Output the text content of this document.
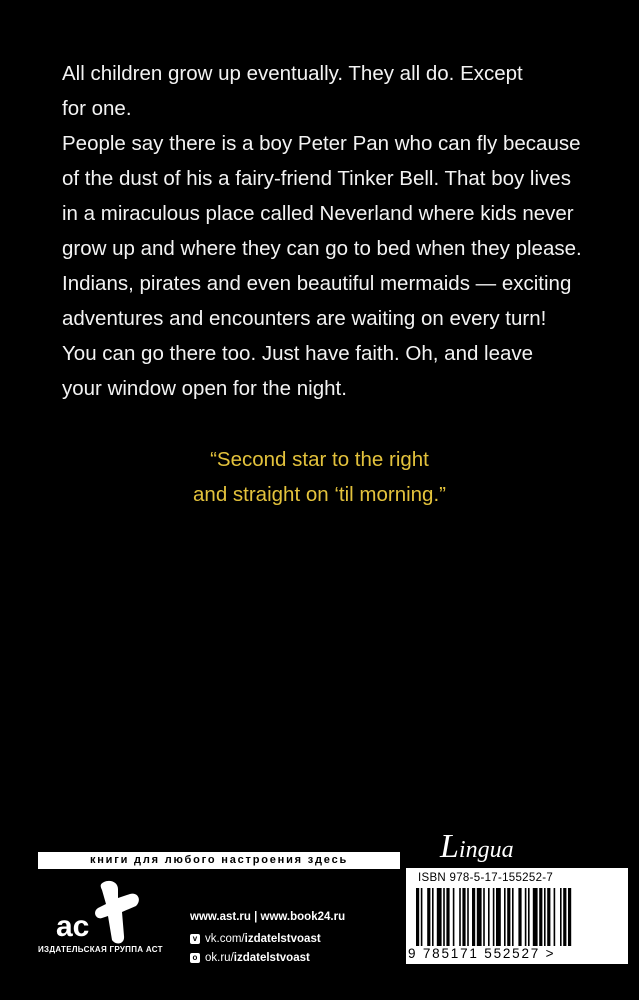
All children grow up eventually. They all do. Except

for one.

People say there is a boy Peter Pan who can fly because

of the dust of his a fairy-friend Tinker Bell. That boy lives

in a miraculous place called Neverland where kids never

grow up and where they can go to bed when they please.

Indians, pirates and even beautiful mermaids — exciting

adventures and encounters are waiting on every turn!

You can go there too. Just have faith. Oh, and leave

your window open for the night.

“Second star to the right
and straight on ‘til morning.”
Lingua
книги для любого настроения здесь
ac
ИЗДАТЕЛЬСКАЯ ГРУППА АСТ
www.ast.ru | www.book24.ru
v vk.com/ izdatelstvoast
o ok.ru/ izdatelstvoast
ISBN 978-5-17-155252-7
9 785171 552527 >
